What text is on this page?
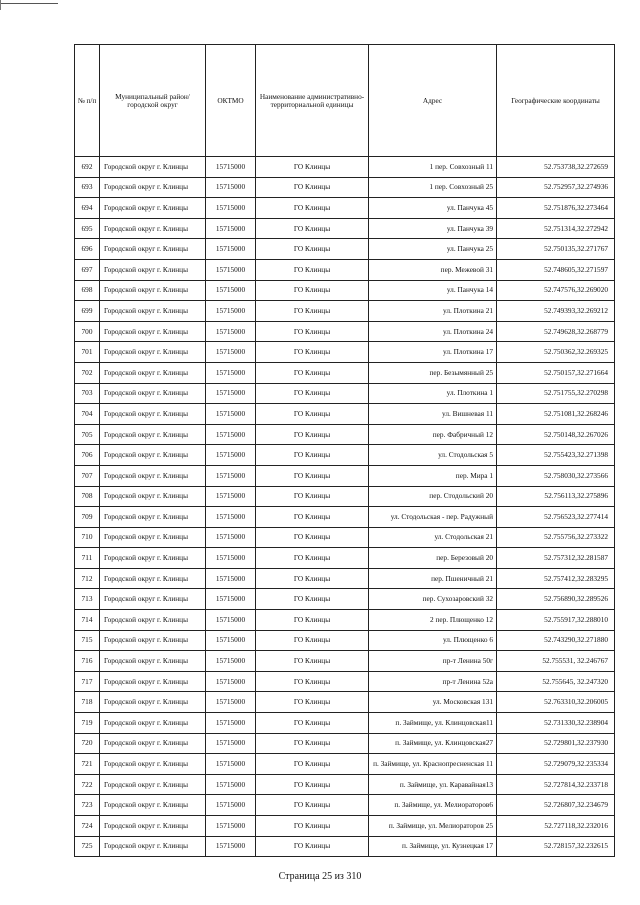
№ п/п	Муниципальный район/городской округ	ОКТМО	Наименование административно-территориальной единицы	Адрес	Географические координаты
692	Городской округ г. Клинцы	15715000	ГО Клинцы	1 пер. Совхозный 11	52.753738,32.272659
693	Городской округ г. Клинцы	15715000	ГО Клинцы	1 пер. Совхозный 25	52.752957,32.274936
694	Городской округ г. Клинцы	15715000	ГО Клинцы	ул. Панчука 45	52.751876,32.273464
695	Городской округ г. Клинцы	15715000	ГО Клинцы	ул. Панчука 39	52.751314,32.272942
696	Городской округ г. Клинцы	15715000	ГО Клинцы	ул. Панчука 25	52.750135,32.271767
697	Городской округ г. Клинцы	15715000	ГО Клинцы	пер. Межевой 31	52.748605,32.271597
698	Городской округ г. Клинцы	15715000	ГО Клинцы	ул. Панчука 14	52.747576,32.269020
699	Городской округ г. Клинцы	15715000	ГО Клинцы	ул. Плоткина 21	52.749393,32.269212
700	Городской округ г. Клинцы	15715000	ГО Клинцы	ул. Плоткина 24	52.749628,32.268779
701	Городской округ г. Клинцы	15715000	ГО Клинцы	ул. Плоткина 17	52.750362,32.269325
702	Городской округ г. Клинцы	15715000	ГО Клинцы	пер. Безымянный 25	52.750157,32.271664
703	Городской округ г. Клинцы	15715000	ГО Клинцы	ул. Плоткина 1	52.751755,32.270298
704	Городской округ г. Клинцы	15715000	ГО Клинцы	ул. Вишневая 11	52.751081,32.268246
705	Городской округ г. Клинцы	15715000	ГО Клинцы	пер. Фабричный 12	52.750148,32.267026
706	Городской округ г. Клинцы	15715000	ГО Клинцы	ул. Стодольская 5	52.755423,32.271398
707	Городской округ г. Клинцы	15715000	ГО Клинцы	пер. Мира 1	52.758030,32.273566
708	Городской округ г. Клинцы	15715000	ГО Клинцы	пер. Стодольский 20	52.756113,32.275896
709	Городской округ г. Клинцы	15715000	ГО Клинцы	ул. Стодольская - пер. Радужный	52.756523,32.277414
710	Городской округ г. Клинцы	15715000	ГО Клинцы	ул. Стодольская 21	52.755756,32.273322
711	Городской округ г. Клинцы	15715000	ГО Клинцы	пер. Березовый 20	52.757312,32.281587
712	Городской округ г. Клинцы	15715000	ГО Клинцы	пер. Пшеничный 21	52.757412,32.283295
713	Городской округ г. Клинцы	15715000	ГО Клинцы	пер. Сухозаровский 32	52.756890,32.289526
714	Городской округ г. Клинцы	15715000	ГО Клинцы	2 пер. Плющенко 12	52.755917,32.288010
715	Городской округ г. Клинцы	15715000	ГО Клинцы	ул. Плющенко 6	52.743290,32.271880
716	Городской округ г. Клинцы	15715000	ГО Клинцы	пр-т Ленина 50г	52.755531, 32.246767
717	Городской округ г. Клинцы	15715000	ГО Клинцы	пр-т Ленина 52а	52.755645, 32.247320
718	Городской округ г. Клинцы	15715000	ГО Клинцы	ул. Московская 131	52.763310,32.206005
719	Городской округ г. Клинцы	15715000	ГО Клинцы	п. Займище, ул. Клинцовская11	52.731330,32.238904
720	Городской округ г. Клинцы	15715000	ГО Клинцы	п. Займище, ул. Клинцовская27	52.729801,32.237930
721	Городской округ г. Клинцы	15715000	ГО Клинцы	п. Займище, ул. Краснопресненская 11	52.729079,32.235334
722	Городской округ г. Клинцы	15715000	ГО Клинцы	п. Займище, ул. Каравайная13	52.727814,32.233718
723	Городской округ г. Клинцы	15715000	ГО Клинцы	п. Займище, ул. Мелиораторов6	52.726807,32.234679
724	Городской округ г. Клинцы	15715000	ГО Клинцы	п. Займище, ул. Мелиораторов 25	52.727118,32.232016
725	Городской округ г. Клинцы	15715000	ГО Клинцы	п. Займище, ул. Кузнецкая 17	52.728157,32.232615
Страница 25 из 310
